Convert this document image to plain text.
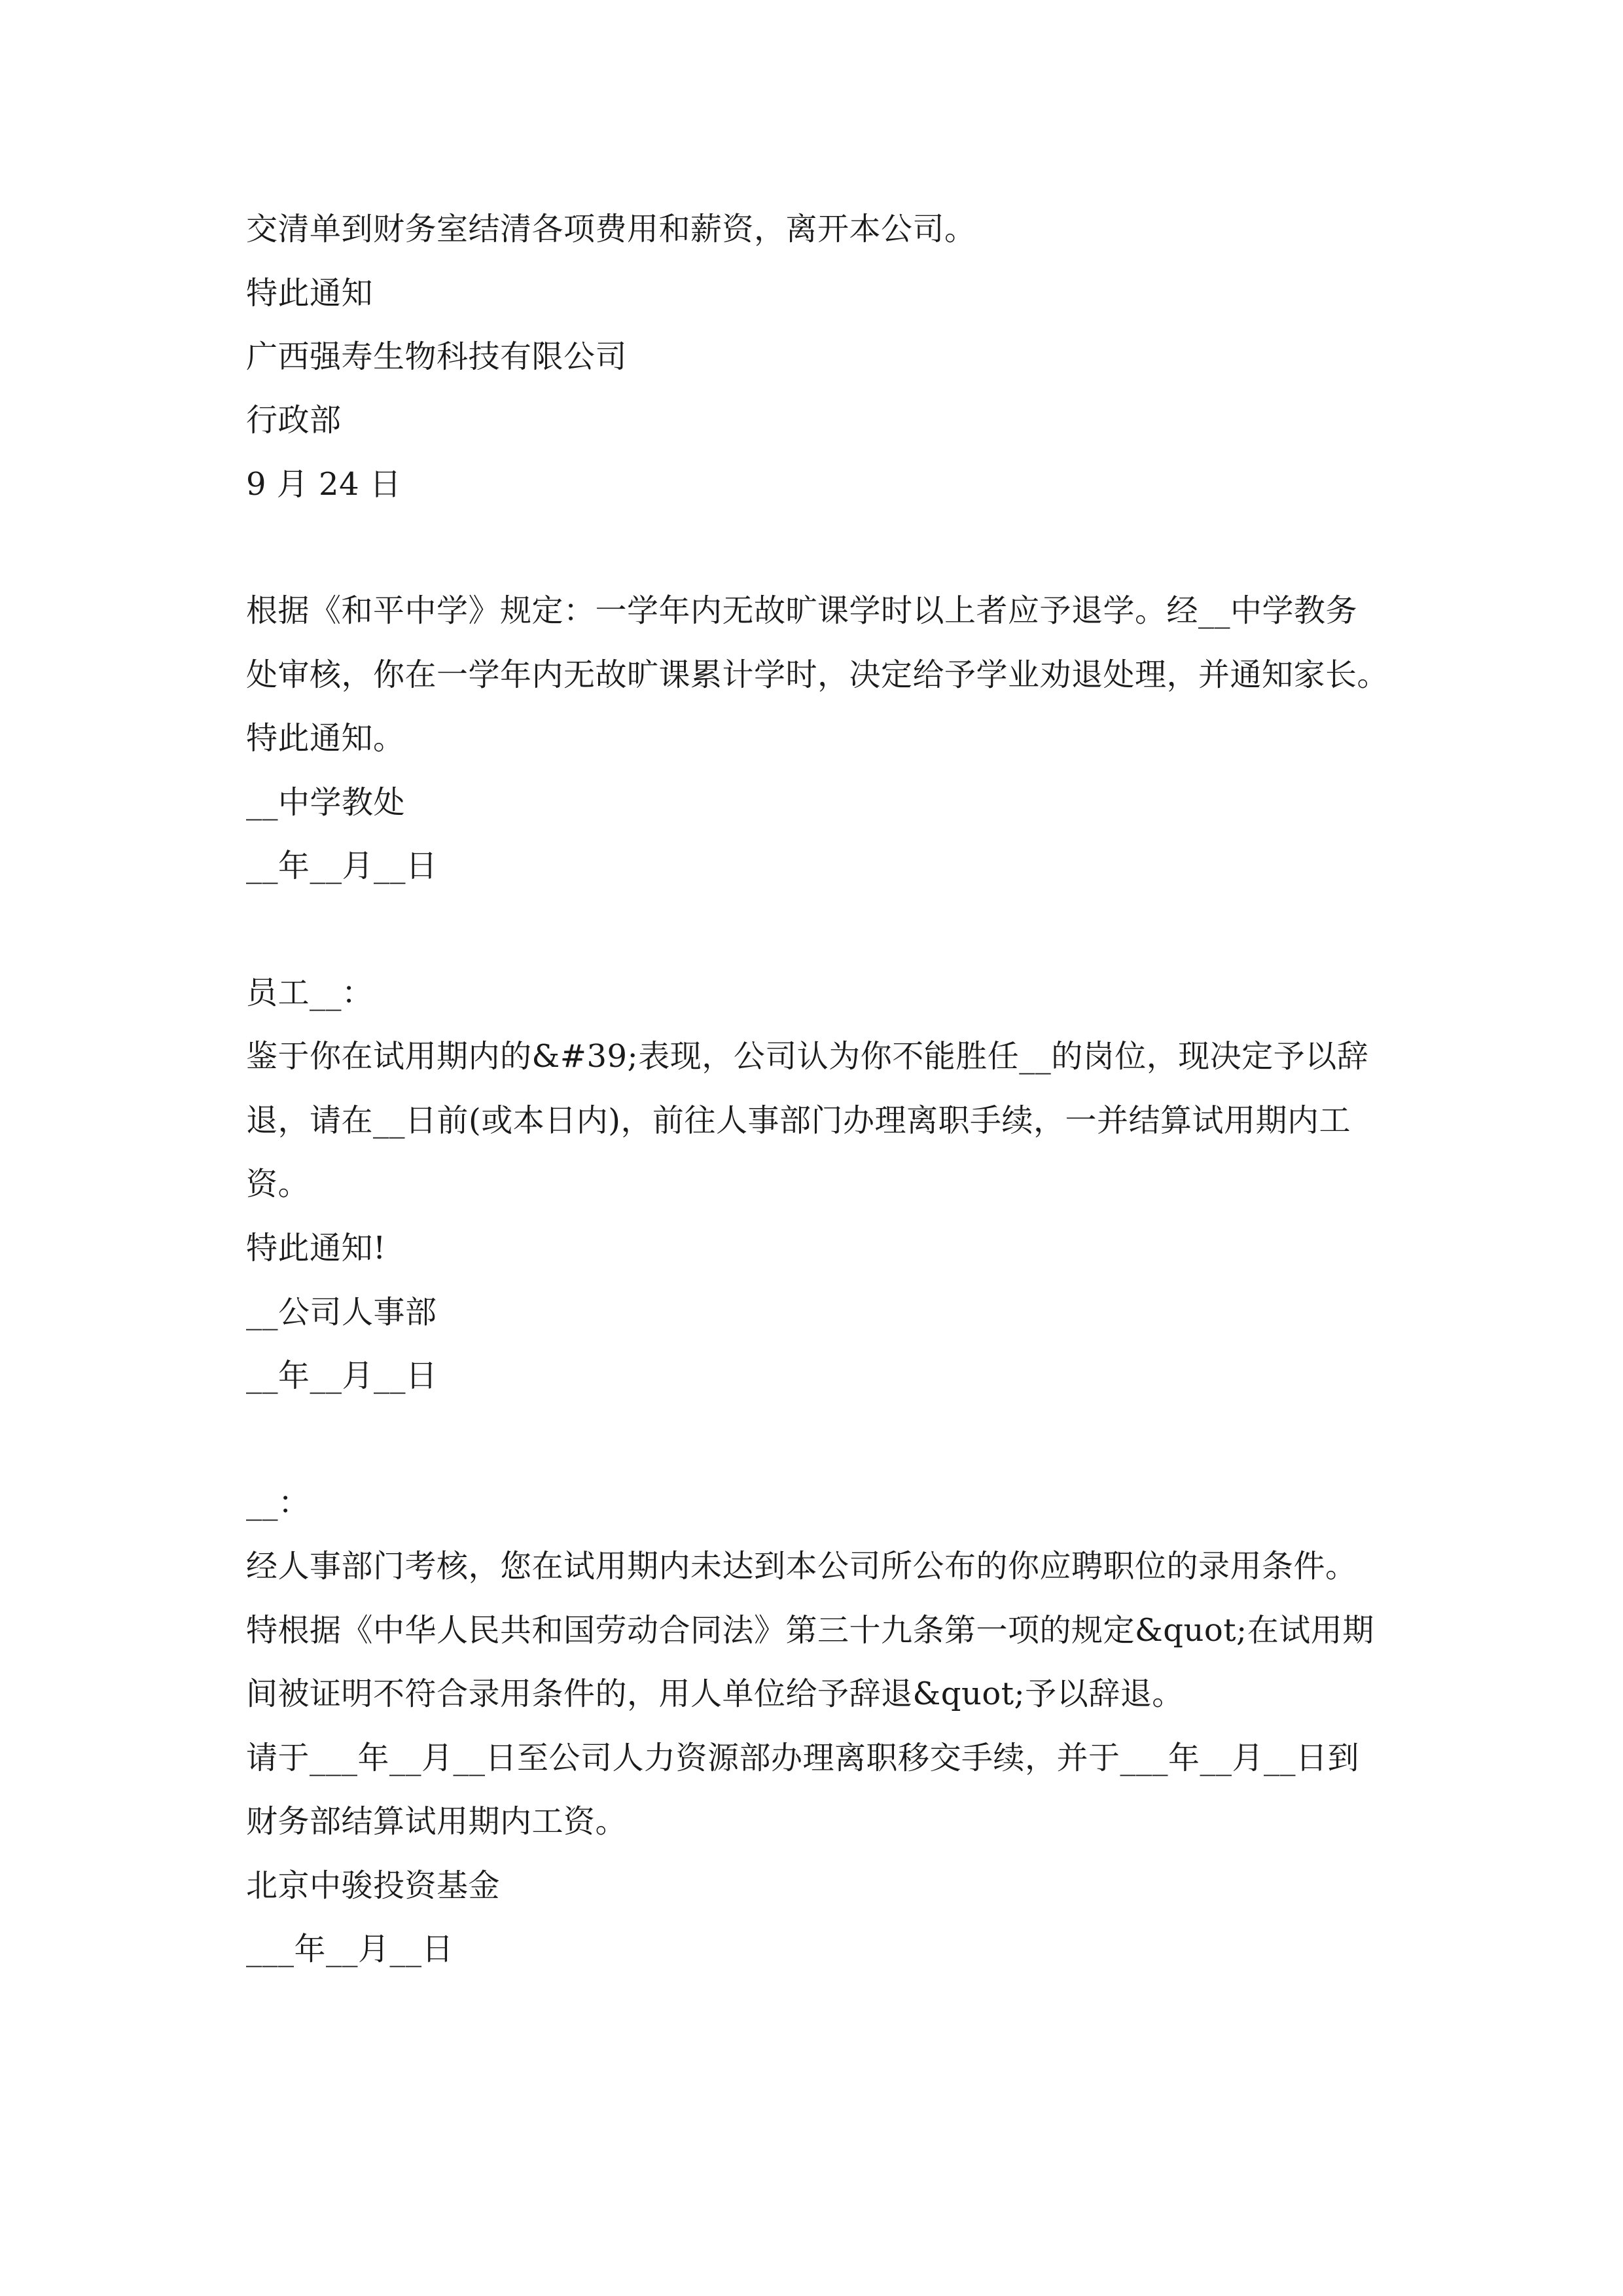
交清单到财务室结清各项费用和薪资，离开本公司。
特此通知
广西强寿生物科技有限公司
行政部
9 月 24 日
根据《和平中学》规定：一学年内无故旷课学时以上者应予退学。经__中学教务
处审核，你在一学年内无故旷课累计学时，决定给予学业劝退处理，并通知家长。
特此通知。
__中学教处
__年__月__日
员工__：
鉴于你在试用期内的&#39;表现，公司认为你不能胜任__的岗位，现决定予以辞
退，请在__日前(或本日内)，前往人事部门办理离职手续，一并结算试用期内工
资。
特此通知!
__公司人事部
__年__月__日
__：
经人事部门考核，您在试用期内未达到本公司所公布的你应聘职位的录用条件。
特根据《中华人民共和国劳动合同法》第三十九条第一项的规定&quot;在试用期
间被证明不符合录用条件的，用人单位给予辞退&quot;予以辞退。
请于___年__月__日至公司人力资源部办理离职移交手续，并于___年__月__日到
财务部结算试用期内工资。
北京中骏投资基金
___年__月__日
